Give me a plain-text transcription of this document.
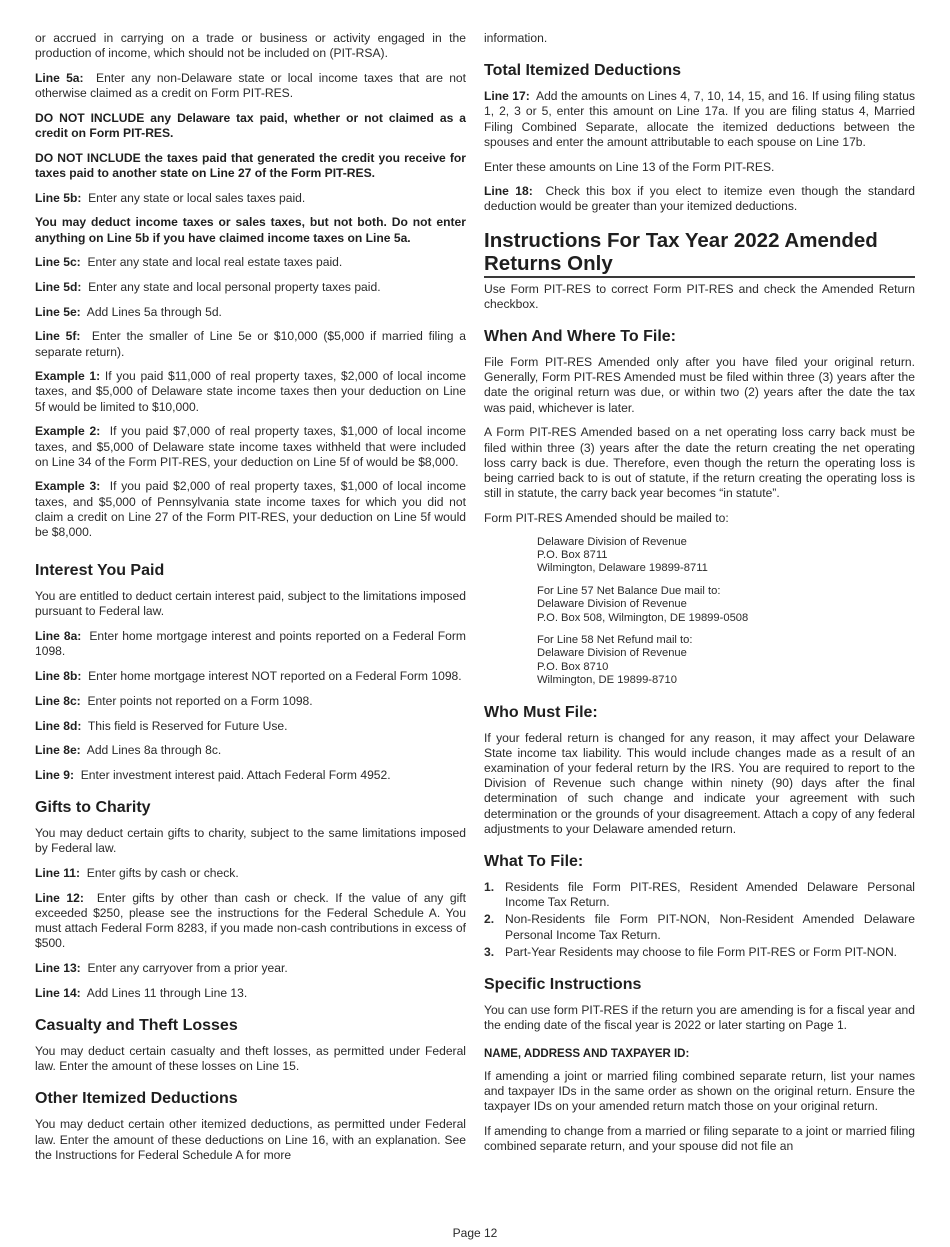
or accrued in carrying on a trade or business or activity engaged in the production of income, which should not be included on (PIT-RSA).

Line 5a: Enter any non-Delaware state or local income taxes that are not otherwise claimed as a credit on Form PIT-RES.

DO NOT INCLUDE any Delaware tax paid, whether or not claimed as a credit on Form PIT-RES.

DO NOT INCLUDE the taxes paid that generated the credit you receive for taxes paid to another state on Line 27 of the Form PIT-RES.

Line 5b: Enter any state or local sales taxes paid.

You may deduct income taxes or sales taxes, but not both. Do not enter anything on Line 5b if you have claimed income taxes on Line 5a.

Line 5c: Enter any state and local real estate taxes paid.

Line 5d: Enter any state and local personal property taxes paid.

Line 5e: Add Lines 5a through 5d.

Line 5f: Enter the smaller of Line 5e or $10,000 ($5,000 if married filing a separate return).

Example 1: If you paid $11,000 of real property taxes, $2,000 of local income taxes, and $5,000 of Delaware state income taxes then your deduction on Line 5f would be limited to $10,000.

Example 2: If you paid $7,000 of real property taxes, $1,000 of local income taxes, and $5,000 of Delaware state income taxes withheld that were included on Line 34 of the Form PIT-RES, your deduction on Line 5f of would be $8,000.

Example 3: If you paid $2,000 of real property taxes, $1,000 of local income taxes, and $5,000 of Pennsylvania state income taxes for which you did not claim a credit on Line 27 of the Form PIT-RES, your deduction on Line 5f would be $8,000.

Interest You Paid

You are entitled to deduct certain interest paid, subject to the limitations imposed pursuant to Federal law.

Line 8a: Enter home mortgage interest and points reported on a Federal Form 1098.

Line 8b: Enter home mortgage interest NOT reported on a Federal Form 1098.

Line 8c: Enter points not reported on a Form 1098.

Line 8d: This field is Reserved for Future Use.

Line 8e: Add Lines 8a through 8c.

Line 9: Enter investment interest paid. Attach Federal Form 4952.

Gifts to Charity

You may deduct certain gifts to charity, subject to the same limitations imposed by Federal law.

Line 11: Enter gifts by cash or check.

Line 12: Enter gifts by other than cash or check. If the value of any gift exceeded $250, please see the instructions for the Federal Schedule A. You must attach Federal Form 8283, if you made non-cash contributions in excess of $500.

Line 13: Enter any carryover from a prior year.

Line 14: Add Lines 11 through Line 13.

Casualty and Theft Losses

You may deduct certain casualty and theft losses, as permitted under Federal law. Enter the amount of these losses on Line 15.

Other Itemized Deductions

You may deduct certain other itemized deductions, as permitted under Federal law. Enter the amount of these deductions on Line 16, with an explanation. See the Instructions for Federal Schedule A for more

information.

Total Itemized Deductions

Line 17: Add the amounts on Lines 4, 7, 10, 14, 15, and 16. If using filing status 1, 2, 3 or 5, enter this amount on Line 17a. If you are filing status 4, Married Filing Combined Separate, allocate the itemized deductions between the spouses and enter the amount attributable to each spouse on Line 17b.

Enter these amounts on Line 13 of the Form PIT-RES.

Line 18: Check this box if you elect to itemize even though the standard deduction would be greater than your itemized deductions.

Instructions For Tax Year 2022 Amended Returns Only

Use Form PIT-RES to correct Form PIT-RES and check the Amended Return checkbox.

When And Where To File:

File Form PIT-RES Amended only after you have filed your original return. Generally, Form PIT-RES Amended must be filed within three (3) years after the date the original return was due, or within two (2) years after the date the tax was paid, whichever is later.

A Form PIT-RES Amended based on a net operating loss carry back must be filed within three (3) years after the date the return creating the net operating loss carry back is due. Therefore, even though the return the operating loss is being carried back to is out of statute, if the return creating the operating loss is still in statute, the carry back year becomes “in statute”.

Form PIT-RES Amended should be mailed to:

Delaware Division of Revenue
P.O. Box 8711
Wilmington, Delaware 19899-8711
For Line 57 Net Balance Due mail to:
Delaware Division of Revenue
P.O. Box 508, Wilmington, DE 19899-0508
For Line 58 Net Refund mail to:
Delaware Division of Revenue
P.O. Box 8710
Wilmington, DE 19899-8710
Who Must File:

If your federal return is changed for any reason, it may affect your Delaware State income tax liability. This would include changes made as a result of an examination of your federal return by the IRS. You are required to report to the Division of Revenue such change within ninety (90) days after the final determination of such change and indicate your agreement with such determination or the grounds of your disagreement. Attach a copy of any federal adjustments to your Delaware amended return.

What To File:
1. Residents file Form PIT-RES, Resident Amended Delaware Personal Income Tax Return.
2. Non-Residents file Form PIT-NON, Non-Resident Amended Delaware Personal Income Tax Return.
3. Part-Year Residents may choose to file Form PIT-RES or Form PIT-NON.
Specific Instructions

You can use form PIT-RES if the return you are amending is for a fiscal year and the ending date of the fiscal year is 2022 or later starting on Page 1.

NAME, ADDRESS AND TAXPAYER ID:

If amending a joint or married filing combined separate return, list your names and taxpayer IDs in the same order as shown on the original return. Ensure the taxpayer IDs on your amended return match those on your original return.

If amending to change from a married or filing separate to a joint or married filing combined separate return, and your spouse did not file an

Page 12
